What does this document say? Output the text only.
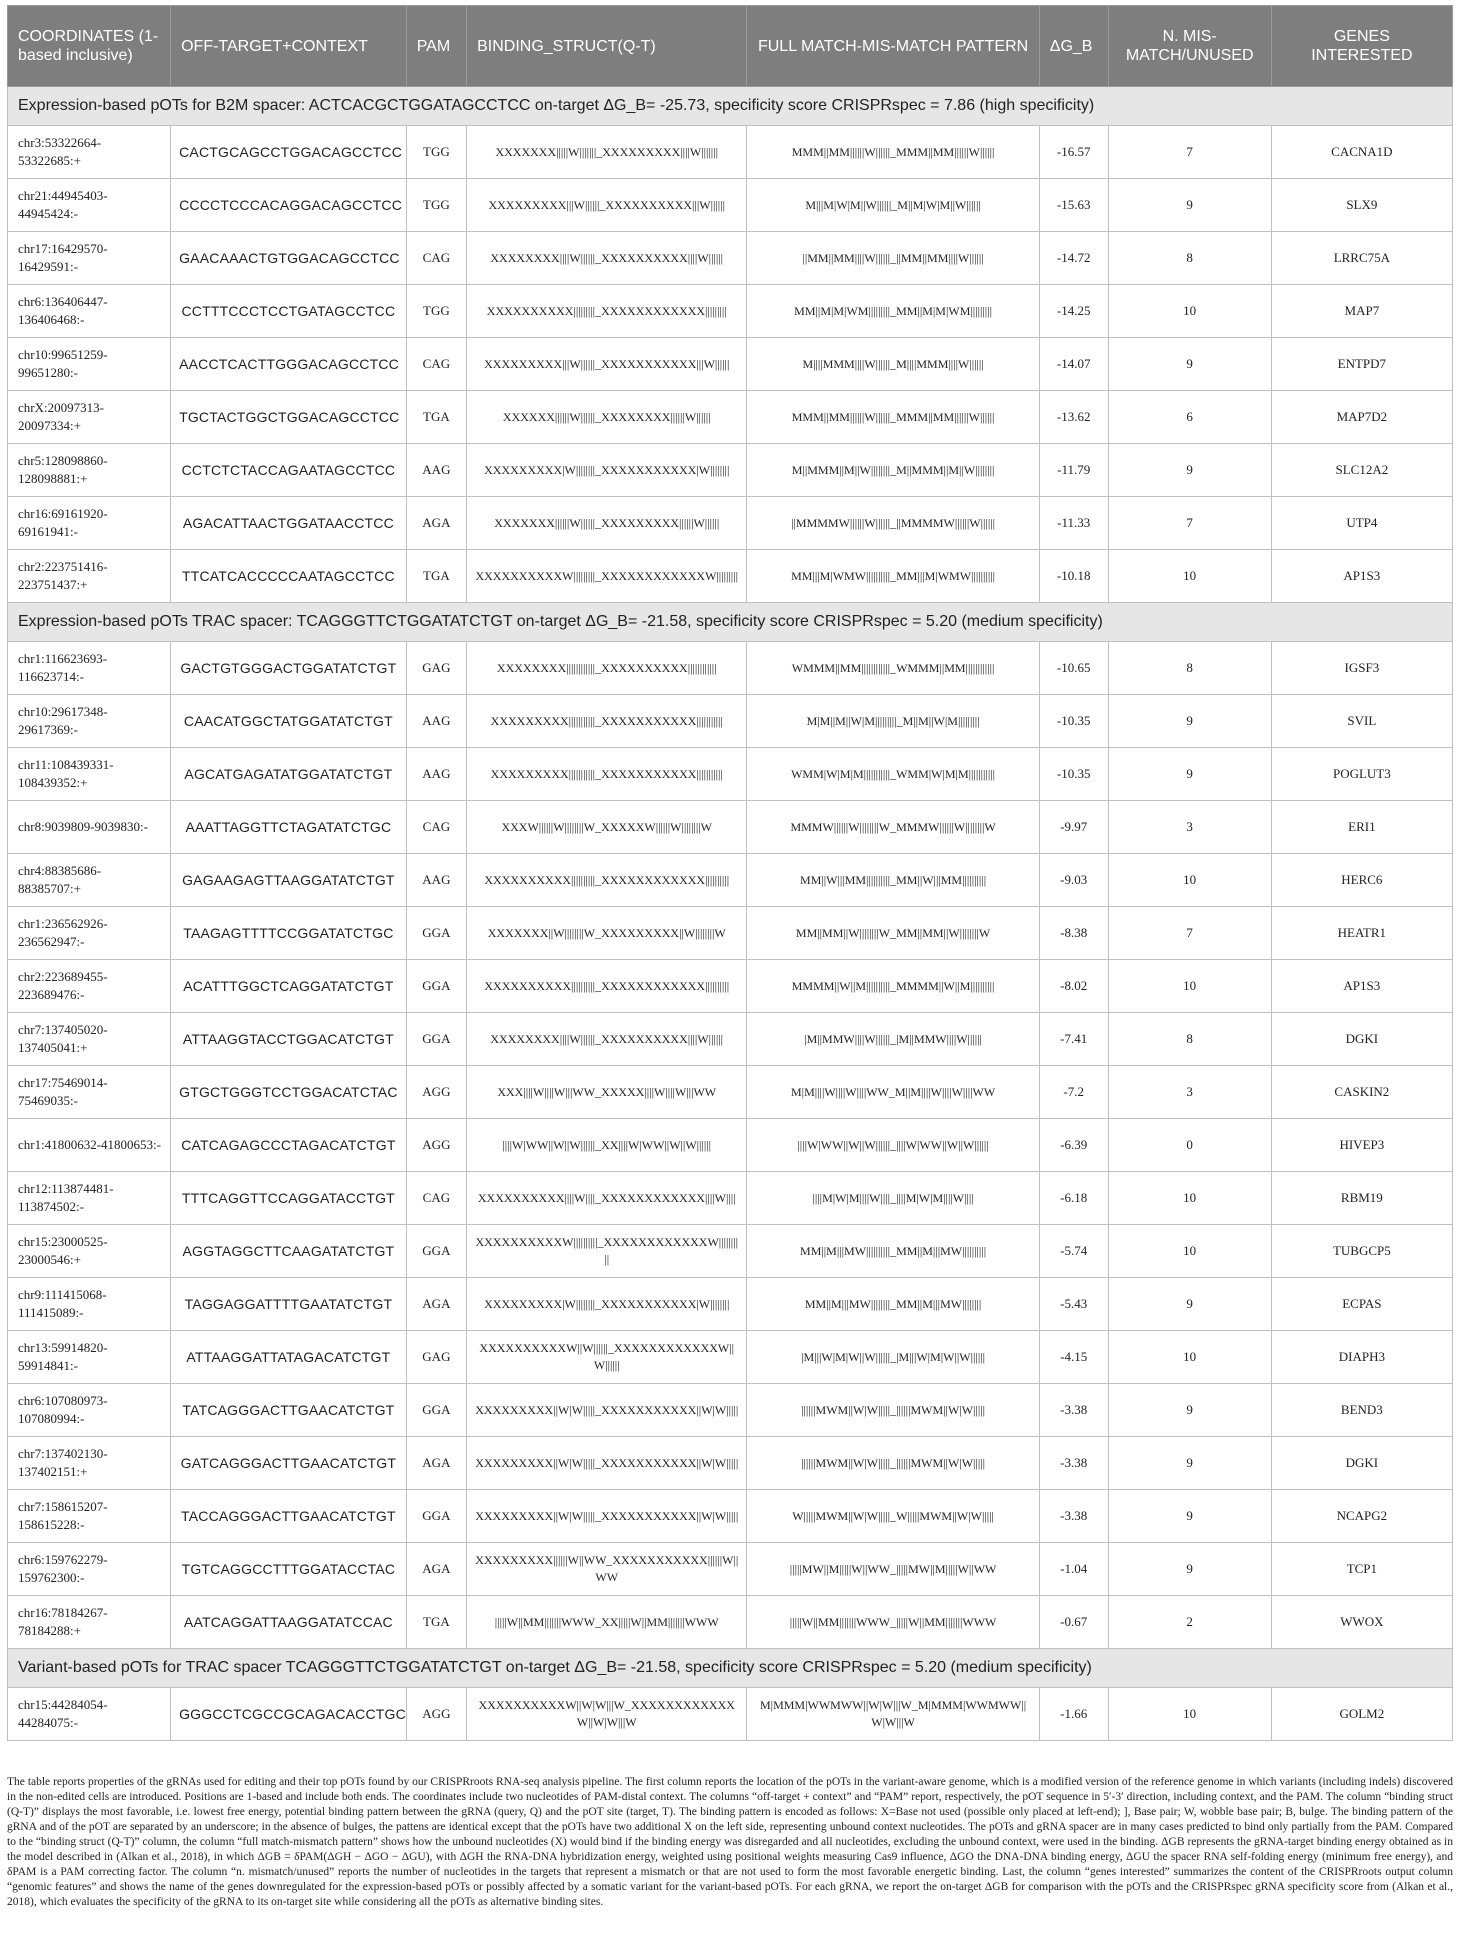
COORDINATES (1-based inclusive)	OFF-TARGET+CONTEXT	PAM	BINDING_STRUCT(Q-T)	FULL MATCH-MIS-MATCH PATTERN	ΔG_B	N. MIS-MATCH/UNUSED	GENES INTERESTED
Expression-based pOTs for B2M spacer: ACTCACGCTGGATAGCCTCC on-target ΔG_B= -25.73, specificity score CRISPRspec = 7.86 (high specificity)							
chr3:53322664-53322685:+	CACTGCAGCCTGGACAGCCTCC	TGG	XXXXXXX|||||W|||||||_XXXXXXXXX||||W|||||||	MMM||MM||||||W||||||_MMM||MM||||||W||||||	-16.57	7	CACNA1D
chr21:44945403-44945424:-	CCCCTCCCACAGGACAGCCTCC	TGG	XXXXXXXXX|||W||||||_XXXXXXXXXX|||W||||||	M|||M|W|M||W||||||_M||M|W|M||W||||||	-15.63	9	SLX9
chr17:16429570-16429591:-	GAACAAACTGTGGACAGCCTCC	CAG	XXXXXXXX||||W||||||_XXXXXXXXXX||||W||||||	||MM||MM||||W||||||_||MM||MM||||W||||||	-14.72	8	LRRC75A
chr6:136406447-136406468:-	CCTTTCCCTCCTGATAGCCTCC	TGG	XXXXXXXXXX|||||||||_XXXXXXXXXXXX|||||||||	MM||M|M|WM|||||||||_MM||M|M|WM|||||||||	-14.25	10	MAP7
chr10:99651259-99651280:-	AACCTCACTTGGGACAGCCTCC	CAG	XXXXXXXXX|||W||||||_XXXXXXXXXXX|||W||||||	M||||MMM||||W||||||_M||||MMM||||W||||||	-14.07	9	ENTPD7
chrX:20097313-20097334:+	TGCTACTGGCTGGACAGCCTCC	TGA	XXXXXX||||||W||||||_XXXXXXXX||||||W||||||	MMM||MM||||||W||||||_MMM||MM||||||W||||||	-13.62	6	MAP7D2
chr5:128098860-128098881:+	CCTCTCTACCAGAATAGCCTCC	AAG	XXXXXXXXX|W||||||||_XXXXXXXXXXX|W||||||||	M||MMM||M||W||||||||_M||MMM||M||W||||||||	-11.79	9	SLC12A2
chr16:69161920-69161941:-	AGACATTAACTGGATAACCTCC	AGA	XXXXXXX||||||W||||||_XXXXXXXXX||||||W||||||	||MMMMW||||||W||||||_||MMMMW||||||W||||||	-11.33	7	UTP4
chr2:223751416-223751437:+	TTCATCACCCCCAATAGCCTCC	TGA	XXXXXXXXXXW|||||||||_XXXXXXXXXXXXW|||||||||	MM|||M|WMW||||||||||_MM|||M|WMW||||||||||	-10.18	10	AP1S3
Expression-based pOTs TRAC spacer: TCAGGGTTCTGGATATCTGT on-target ΔG_B= -21.58, specificity score CRISPRspec = 5.20 (medium specificity)							
chr1:116623693-116623714:-	GACTGTGGGACTGGATATCTGT	GAG	XXXXXXXX||||||||||||_XXXXXXXXXX||||||||||||	WMMM||MM||||||||||||_WMMM||MM||||||||||||	-10.65	8	IGSF3
chr10:29617348-29617369:-	CAACATGGCTATGGATATCTGT	AAG	XXXXXXXXX|||||||||||_XXXXXXXXXXX|||||||||||	M|M||M||W|M|||||||||_M||M||W|M|||||||||	-10.35	9	SVIL
chr11:108439331-108439352:+	AGCATGAGATATGGATATCTGT	AAG	XXXXXXXXX|||||||||||_XXXXXXXXXXX|||||||||||	WMM|W|M|M|||||||||||_WMM|W|M|M|||||||||||	-10.35	9	POGLUT3
chr8:9039809-9039830:-	AAATTAGGTTCTAGATATCTGC	CAG	XXXW||||||W||||||||W_XXXXXW||||||W||||||||W	MMMW||||||W||||||||W_MMMW||||||W||||||||W	-9.97	3	ERI1
chr4:88385686-88385707:+	GAGAAGAGTTAAGGATATCTGT	AAG	XXXXXXXXXX||||||||||_XXXXXXXXXXXX||||||||||	MM||W|||MM||||||||||_MM||W|||MM||||||||||	-9.03	10	HERC6
chr1:236562926-236562947:-	TAAGAGTTTTCCGGATATCTGC	GGA	XXXXXXX||W||||||||W_XXXXXXXXX||W||||||||W	MM||MM||W||||||||W_MM||MM||W||||||||W	-8.38	7	HEATR1
chr2:223689455-223689476:-	ACATTTGGCTCAGGATATCTGT	GGA	XXXXXXXXXX||||||||||_XXXXXXXXXXXX||||||||||	MMMM||W||M||||||||||_MMMM||W||M||||||||||	-8.02	10	AP1S3
chr7:137405020-137405041:+	ATTAAGGTACCTGGACATCTGT	GGA	XXXXXXXX||||W||||||_XXXXXXXXXX||||W||||||	|M||MMW||||W||||||_|M||MMW||||W||||||	-7.41	8	DGKI
chr17:75469014-75469035:-	GTGCTGGGTCCTGGACATCTAC	AGG	XXX||||W||||W|||WW_XXXXX||||W||||W|||WW	M|M||||W||||W||||WW_M||M||||W||||W||||WW	-7.2	3	CASKIN2
chr1:41800632-41800653:-	CATCAGAGCCCTAGACATCTGT	AGG	||||W|WW||W||W||||||_XX||||W|WW||W||W||||||	||||W|WW||W||W||||||_||||W|WW||W||W||||||	-6.39	0	HIVEP3
chr12:113874481-113874502:-	TTTCAGGTTCCAGGATACCTGT	CAG	XXXXXXXXXX||||W||||_XXXXXXXXXXXX||||W||||	||||M|W|M||||W||||_||||M|W|M||||W||||	-6.18	10	RBM19
chr15:23000525-23000546:+	AGGTAGGCTTCAAGATATCTGT	GGA	XXXXXXXXXXW||||||||||_XXXXXXXXXXXXW||||||||||	MM||M|||MW||||||||||_MM||M|||MW||||||||||	-5.74	10	TUBGCP5
chr9:111415068-111415089:-	TAGGAGGATTTTGAATATCTGT	AGA	XXXXXXXXX|W||||||||_XXXXXXXXXXX|W||||||||	MM||M|||MW||||||||_MM||M|||MW||||||||	-5.43	9	ECPAS
chr13:59914820-59914841:-	ATTAAGGATTATAGACATCTGT	GAG	XXXXXXXXXXW||W||||||_XXXXXXXXXXXXW||W||||||	|M|||W|M|W||W||||||_|M|||W|M|W||W||||||	-4.15	10	DIAPH3
chr6:107080973-107080994:-	TATCAGGGACTTGAACATCTGT	GGA	XXXXXXXXX||W|W|||||_XXXXXXXXXXX||W|W|||||	||||||MWM||W|W|||||_||||||MWM||W|W|||||	-3.38	9	BEND3
chr7:137402130-137402151:+	GATCAGGGACTTGAACATCTGT	AGA	XXXXXXXXX||W|W|||||_XXXXXXXXXXX||W|W|||||	||||||MWM||W|W|||||_||||||MWM||W|W|||||	-3.38	9	DGKI
chr7:158615207-158615228:-	TACCAGGGACTTGAACATCTGT	GGA	XXXXXXXXX||W|W|||||_XXXXXXXXXXX||W|W|||||	W|||||MWM||W|W|||||_W|||||MWM||W|W|||||	-3.38	9	NCAPG2
chr6:159762279-159762300:-	TGTCAGGCCTTTGGATACCTAC	AGA	XXXXXXXXX||||||W||WW_XXXXXXXXXXX||||||W||WW	|||||MW||M|||||W||WW_|||||MW||M|||||W||WW	-1.04	9	TCP1
chr16:78184267-78184288:+	AATCAGGATTAAGGATATCCAC	TGA	|||||W||MM|||||||WWW_XX|||||W||MM|||||||WWW	|||||W||MM|||||||WWW_|||||W||MM|||||||WWW	-0.67	2	WWOX
Variant-based pOTs for TRAC spacer TCAGGGTTCTGGATATCTGT on-target ΔG_B= -21.58, specificity score CRISPRspec = 5.20 (medium specificity)							
chr15:44284054-44284075:-	GGGCCTCGCCGCAGACACCTGC	AGG	XXXXXXXXXXW||W|W|||W_XXXXXXXXXXXXW||W|W|||W	M|MMM|WWMWW||W|W|||W_M|MMM|WWMWW||W|W|||W	-1.66	10	GOLM2
The table reports properties of the gRNAs used for editing and their top pOTs found by our CRISPRroots RNA-seq analysis pipeline. The first column reports the location of the pOTs in the variant-aware genome, which is a modified version of the reference genome in which variants (including indels) discovered in the non-edited cells are introduced. Positions are 1-based and include both ends. The coordinates include two nucleotides of PAM-distal context. The columns “off-target + context” and “PAM” report, respectively, the pOT sequence in 5′-3′ direction, including context, and the PAM. The column “binding struct (Q-T)” displays the most favorable, i.e. lowest free energy, potential binding pattern between the gRNA (query, Q) and the pOT site (target, T). The binding pattern is encoded as follows: X=Base not used (possible only placed at left-end); ], Base pair; W, wobble base pair; B, bulge. The binding pattern of the gRNA and of the pOT are separated by an underscore; in the absence of bulges, the pattens are identical except that the pOTs have two additional X on the left side, representing unbound context nucleotides. The pOTs and gRNA spacer are in many cases predicted to bind only partially from the PAM. Compared to the “binding struct (Q-T)” column, the column “full match-mismatch pattern” shows how the unbound nucleotides (X) would bind if the binding energy was disregarded and all nucleotides, excluding the unbound context, were used in the binding. ΔGB represents the gRNA-target binding energy obtained as in the model described in (Alkan et al., 2018), in which ΔGB = δPAM(ΔGH − ΔGO − ΔGU), with ΔGH the RNA-DNA hybridization energy, weighted using positional weights measuring Cas9 influence, ΔGO the DNA-DNA binding energy, ΔGU the spacer RNA self-folding energy (minimum free energy), and δPAM is a PAM correcting factor. The column “n. mismatch/unused” reports the number of nucleotides in the targets that represent a mismatch or that are not used to form the most favorable energetic binding. Last, the column “genes interested” summarizes the content of the CRISPRroots output column “genomic features” and shows the name of the genes downregulated for the expression-based pOTs or possibly affected by a somatic variant for the variant-based pOTs. For each gRNA, we report the on-target ΔGB for comparison with the pOTs and the CRISPRspec gRNA specificity score from (Alkan et al., 2018), which evaluates the specificity of the gRNA to its on-target site while considering all the pOTs as alternative binding sites.
